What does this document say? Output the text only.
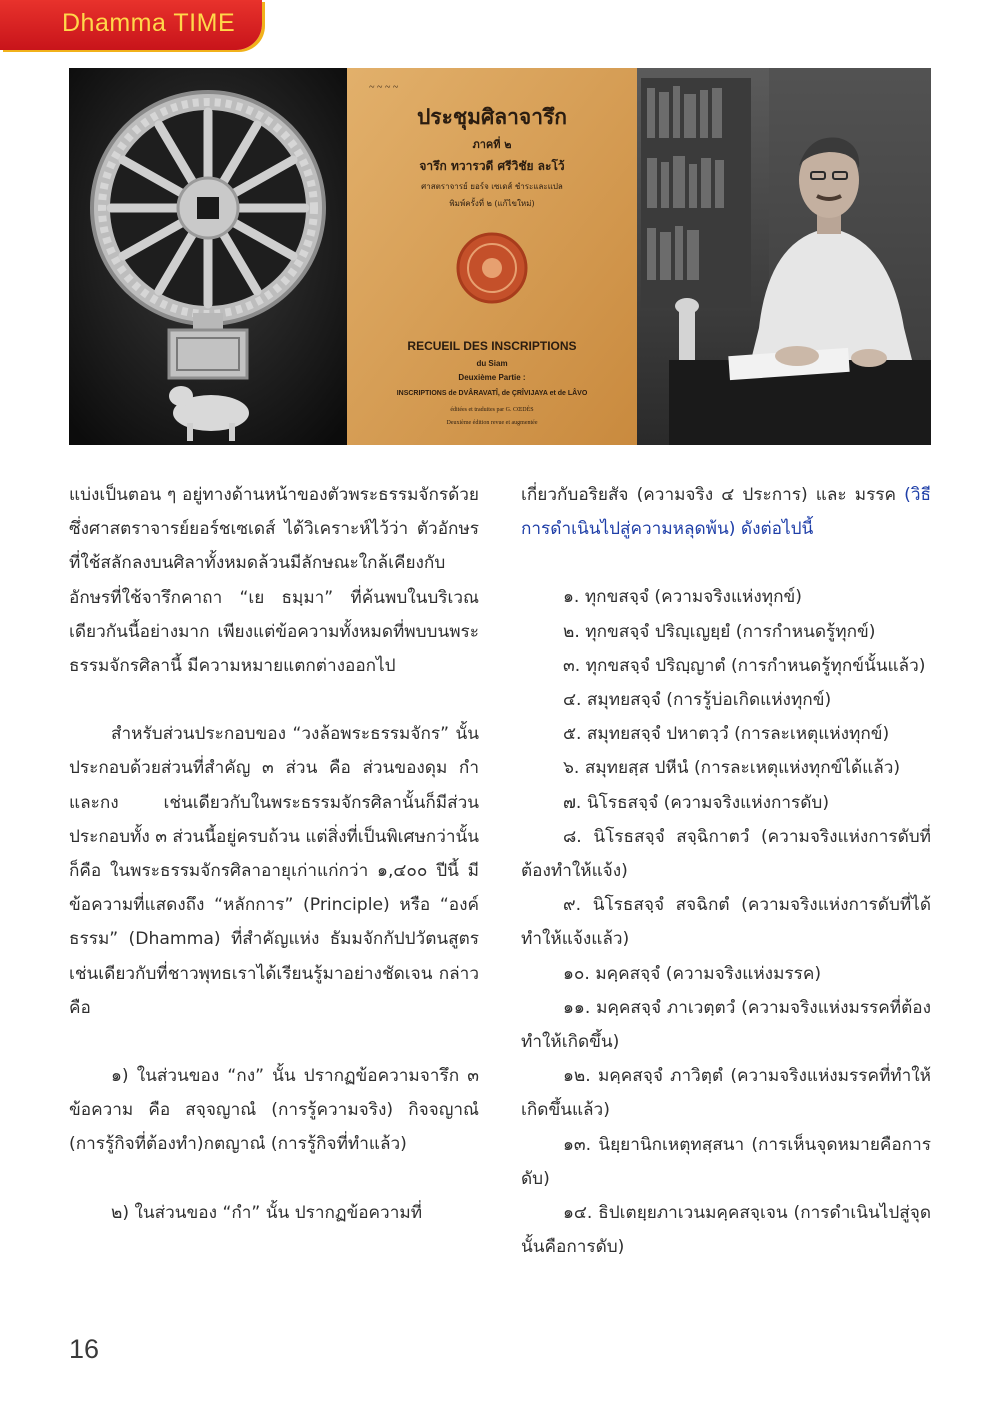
Dhamma TIME
~ ~ ~ ~
ประชุมศิลาจารึก
ภาคที่ ๒
จารึก ทวารวดี ศรีวิชัย ละโว้
ศาสตราจารย์ ยอร์จ เซเดส์ ชำระและแปล
พิมพ์ครั้งที่ ๒ (แก้ไขใหม่)
RECUEIL DES INSCRIPTIONS
du Siam
Deuxième Partie :
INSCRIPTIONS de DVÂRAVATÎ, de ÇRÎVIJAYA et de LÂVO
éditées et traduites par G. CŒDÈS
Deuxième édition revue et augmentée

แบ่งเป็นตอน ๆ อยู่ทางด้านหน้าของตัวพระธรรมจักรด้วย ซึ่งศาสตราจารย์ยอร์ชเซเดส์ ได้วิเคราะห์ไว้ว่า ตัวอักษรที่ใช้สลักลงบนศิลาทั้งหมดล้วนมีลักษณะใกล้เคียงกับอักษรที่ใช้จารึกคาถา “เย ธมฺมา” ที่ค้นพบในบริเวณเดียวกันนี้อย่างมาก เพียงแต่ข้อความทั้งหมดที่พบบนพระธรรมจักรศิลานี้ มีความหมายแตกต่างออกไป

สำหรับส่วนประกอบของ “วงล้อพระธรรมจักร” นั้น ประกอบด้วยส่วนที่สำคัญ ๓ ส่วน คือ ส่วนของดุม กำ และกง เช่นเดียวกับในพระธรรมจักรศิลานั้นก็มีส่วนประกอบทั้ง ๓ ส่วนนี้อยู่ครบถ้วน แต่สิ่งที่เป็นพิเศษกว่านั้นก็คือ ในพระธรรมจักรศิลาอายุเก่าแก่กว่า ๑,๔๐๐ ปีนี้ มีข้อความที่แสดงถึง “หลักการ” (Principle) หรือ “องค์ธรรม” (Dhamma) ที่สำคัญแห่ง ธัมมจักกัปปวัตนสูตร เช่นเดียวกับที่ชาวพุทธเราได้เรียนรู้มาอย่างชัดเจน กล่าวคือ

๑) ในส่วนของ “กง” นั้น ปรากฏข้อความจารึก ๓ ข้อความ คือ สจฺจญาณํ (การรู้ความจริง) กิจจญาณํ (การรู้กิจที่ต้องทำ)กตญาณํ (การรู้กิจที่ทำแล้ว)

๒) ในส่วนของ “กำ” นั้น ปรากฏข้อความที่

เกี่ยวกับอริยสัจ (ความจริง ๔ ประการ) และ มรรค (วิธีการดำเนินไปสู่ความหลุดพ้น) ดังต่อไปนี้

๑. ทุกขสจฺจํ (ความจริงแห่งทุกข์)

๒. ทุกขสจฺจํ ปริญฺเญยฺยํ (การกำหนดรู้ทุกข์)

๓. ทุกขสจฺจํ ปริญฺญาตํ (การกำหนดรู้ทุกข์นั้นแล้ว)

๔. สมุทยสจฺจํ (การรู้บ่อเกิดแห่งทุกข์)

๕. สมุทยสจฺจํ ปหาตวฺวํ (การละเหตุแห่งทุกข์)

๖. สมุทยสฺส ปหีนํ (การละเหตุแห่งทุกข์ได้แล้ว)

๗. นิโรธสจฺจํ (ความจริงแห่งการดับ)

๘. นิโรธสจฺจํ สจฺฉิกาตวํ (ความจริงแห่งการดับที่ต้องทำให้แจ้ง)

๙. นิโรธสจฺจํ สจฉิกตํ (ความจริงแห่งการดับที่ได้ทำให้แจ้งแล้ว)

๑๐. มคฺคสจฺจํ (ความจริงแห่งมรรค)

๑๑. มคฺคสจฺจํ ภาเวตฺตวํ (ความจริงแห่งมรรคที่ต้องทำให้เกิดขึ้น)

๑๒. มคฺคสจฺจํ ภาวิตฺตํ (ความจริงแห่งมรรคที่ทำให้เกิดขึ้นแล้ว)

๑๓. นิยฺยานิกเหตุทสฺสนา (การเห็นจุดหมายคือการดับ)

๑๔. ธิปเตยฺยภาเวนมคฺคสจฺเจน (การดำเนินไปสู่จุดนั้นคือการดับ)

16
